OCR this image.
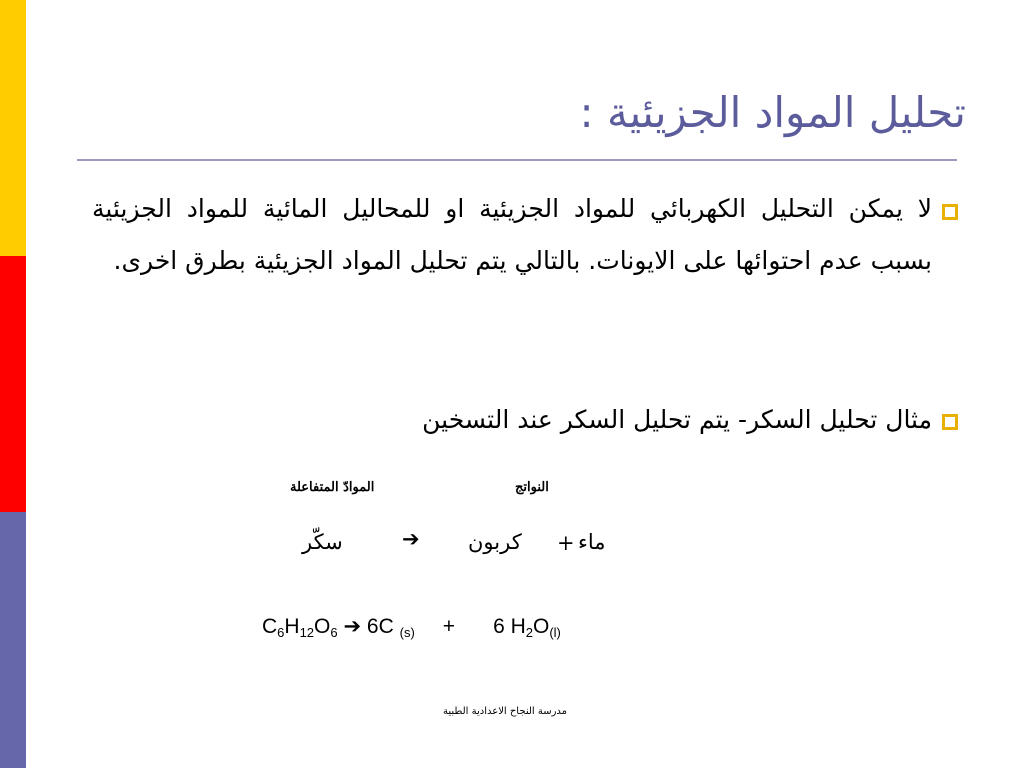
تحليل المواد الجزيئية :
لا يمكن التحليل الكهربائي للمواد الجزيئية او للمحاليل المائية للمواد الجزيئية بسبب عدم احتوائها على الايونات. بالتالي يتم تحليل المواد الجزيئية بطرق اخرى.
مثال تحليل السكر- يتم تحليل السكر عند التسخين
الموادّ المتفاعلة	النواتج
سكّر	➔ كربون + ماء
$C_6H_{12}O_6$ ➔ 6C $_{(s)}$ + 6 $H_2O_{(l)}$
مدرسة النجاح الاعدادية الطبية
